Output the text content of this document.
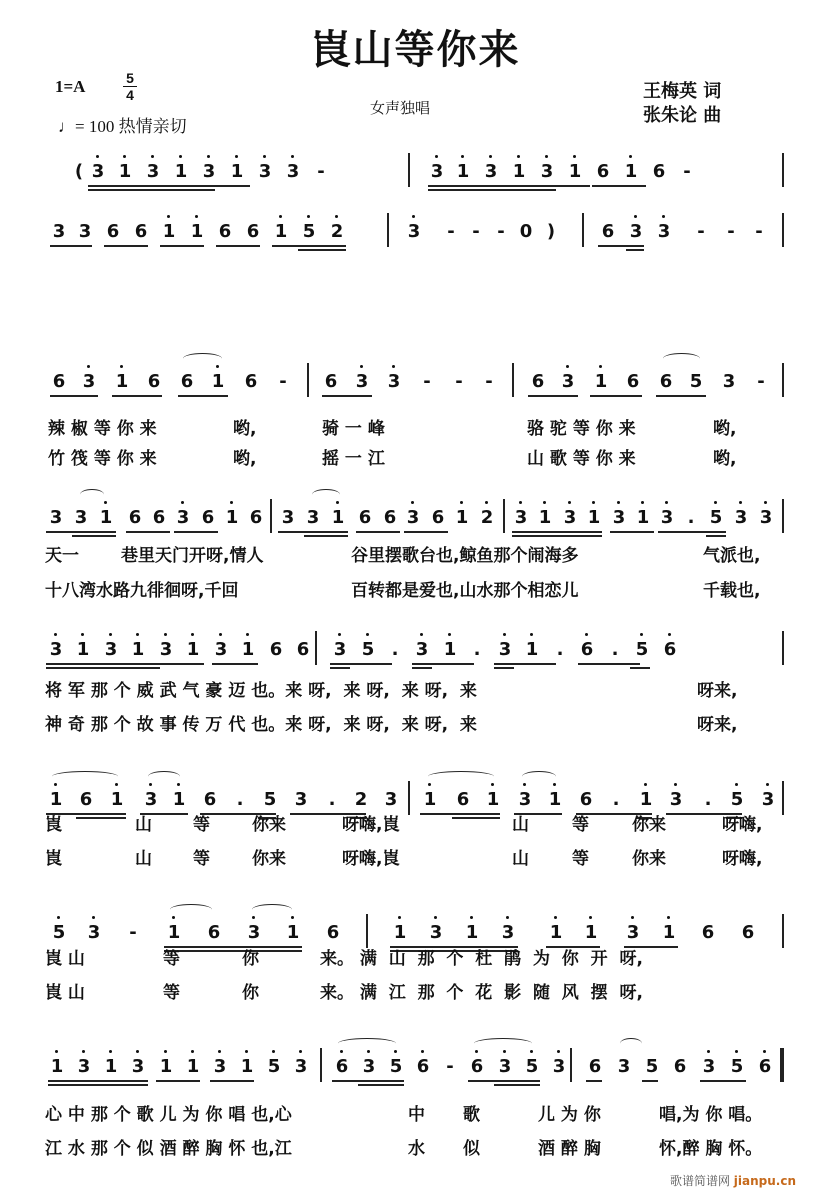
崀山等你来
1=A	5
4
♩= 100 热情亲切
女声独唱
王梅英 词
张朱论 曲
( 3 1 3 1 3 1 3 3 -	3 1 3 1 3 1 6 1 6 -
3 3 6 6 1 1 6 6 1 5 2	3	- - - 0 )	6 3 3	-	-	-
6 3 1 6 6 1 6	-	6 3 3	-	-	-	6 3 1 6 6 5 3	-
3 3 1 6 6 3 6 1 6 3 3 1 6 6 3 6 1 2 3 1 3 1 3 1 3 . 5 3 3
3 1 3 1 3 1 3 1 6 6 3 5 . 3 1 .	3 1	. 6	. 5 6
1 6 1 3 1 6	.	5 3	.	2 3 1 6 1 3 1 6	.	1 3	.	5 3
5 3	-	1 6 3 1 6	1 3 1 3 1 1 3 1 6 6
1 3 1 3 1 1 3 1 5 3 6 3 5 6 - 6 3 5 3 6 3 5 6 3 5 6
辣 椒 等 你 来	哟,	骑 一 峰	骆 驼 等 你 来	哟,
竹 筏 等 你 来	哟,	摇 一 江	山 歌 等 你 来	哟,
天一 巷里天门开呀,情人	谷里摆歌台也,鲸鱼那个闹海多	气派也,
十八湾水路九徘徊呀,千回	百转都是爱也,山水那个相恋儿	千载也,
将 军 那 个 威 武 气 豪 迈 也。来 呀,  来 呀,  来 呀,  来	呀来,
神 奇 那 个 故 事 传 万 代 也。来 呀,  来 呀,  来 呀,  来	呀来,
崀	山 等 你来	呀嗨,崀	山	等	你来	呀嗨,
崀	山 等 你来	呀嗨,崀	山	等	你来	呀嗨,
崀 山	等	你	来。 满  山  那  个  杜  鹃  为  你  开  呀,
崀 山	等	你	来。 满  江  那  个  花  影  随  风  摆  呀,
心 中 那 个 歌 儿 为 你 唱 也,心	中 歌	儿 为 你	唱,为 你 唱。
江 水 那 个 似 酒 醉 胸 怀 也,江	水 似	酒 醉 胸	怀,醉 胸 怀。
歌谱简谱网 jianpu.cn
